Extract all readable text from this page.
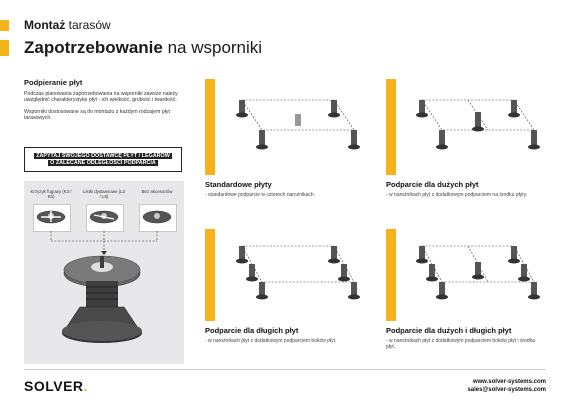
Montaż tarasów
Zapotrzebowanie na wsporniki
Podpieranie płyt

Podczas planowania zapotrzebowania na wsporniki zawsze należy uwzględnić charakterystykę płyt - ich wielkość, grubość i twardość.

Wsporniki dostosowane są do montażu z każdym rodzajem płyt tarasowych.

ZAPYTAJ SWOJEGO DOSTAWCĘ PŁYT / LEGARÓW
O ZALECANE ODLEGŁOŚCI PODPARCIA
Krzyżyk fugowy (K3 / K5)
Listki dystansowe (L3 / L5)
Bez akcesoriów
Standardowe płyty
- standardowe podparcie w czterech narożnikach.
Podparcie dla dużych płyt
- w narożnikach płyt z dodatkowym podparciem na środku płyty.
Podparcie dla długich płyt
- w narożnikach płyt z dodatkowym podparciem boków płyt.
Podparcie dla dużych i długich płyt
- w narożnikach płyt z dodatkowym podparciem boków płyt i środka płyt.
SOLVER.	www.solver-systems.com
sales@solver-systems.com
